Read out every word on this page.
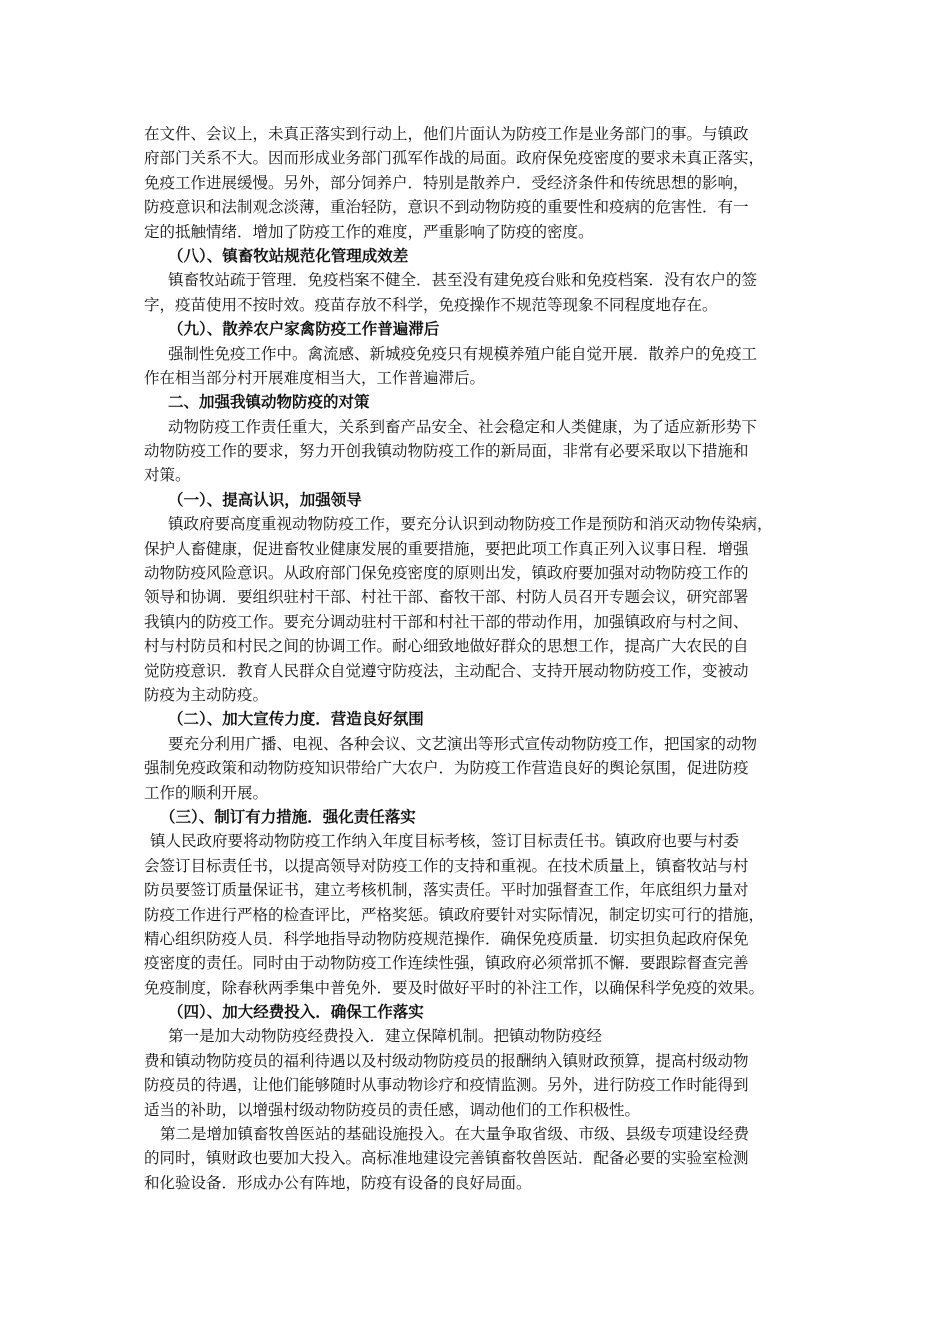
在文件、会议上，未真正落实到行动上，他们片面认为防疫工作是业务部门的事。与镇政
府部门关系不大。因而形成业务部门孤军作战的局面。政府保免疫密度的要求未真正落实，
免疫工作进展缓慢。另外，部分饲养户．特别是散养户．受经济条件和传统思想的影响，
防疫意识和法制观念淡薄，重治轻防，意识不到动物防疫的重要性和疫病的危害性．有一
定的抵触情绪．增加了防疫工作的难度，严重影响了防疫的密度。
（八）、镇畜牧站规范化管理成效差
镇畜牧站疏于管理．免疫档案不健全．甚至没有建免疫台账和免疫档案．没有农户的签
字，疫苗使用不按时效。疫苗存放不科学，免疫操作不规范等现象不同程度地存在。
（九）、散养农户家禽防疫工作普遍滞后
强制性免疫工作中。禽流感、新城疫免疫只有规模养殖户能自觉开展．散养户的免疫工
作在相当部分村开展难度相当大，工作普遍滞后。
二、加强我镇动物防疫的对策
动物防疫工作责任重大，关系到畜产品安全、社会稳定和人类健康，为了适应新形势下
动物防疫工作的要求，努力开创我镇动物防疫工作的新局面，非常有必要采取以下措施和
对策。
（一）、提高认识，加强领导
镇政府要高度重视动物防疫工作，要充分认识到动物防疫工作是预防和消灭动物传染病，
保护人畜健康，促进畜牧业健康发展的重要措施，要把此项工作真正列入议事日程．增强
动物防疫风险意识。从政府部门保免疫密度的原则出发，镇政府要加强对动物防疫工作的
领导和协调．要组织驻村干部、村社干部、畜牧干部、村防人员召开专题会议，研究部署
我镇内的防疫工作。要充分调动驻村干部和村社干部的带动作用，加强镇政府与村之间、
村与村防员和村民之间的协调工作。耐心细致地做好群众的思想工作，提高广大农民的自
觉防疫意识．教育人民群众自觉遵守防疫法，主动配合、支持开展动物防疫工作，变被动
防疫为主动防疫。
（二）、加大宣传力度．营造良好氛围
要充分利用广播、电视、各种会议、文艺演出等形式宣传动物防疫工作，把国家的动物
强制免疫政策和动物防疫知识带给广大农户．为防疫工作营造良好的舆论氛围，促进防疫
工作的顺利开展。
（三）、制订有力措施．强化责任落实
镇人民政府要将动物防疫工作纳入年度目标考核，签订目标责任书。镇政府也要与村委
会签订目标责任书，以提高领导对防疫工作的支持和重视。在技术质量上，镇畜牧站与村
防员要签订质量保证书，建立考核机制，落实责任。平时加强督查工作，年底组织力量对
防疫工作进行严格的检查评比，严格奖惩。镇政府要针对实际情况，制定切实可行的措施，
精心组织防疫人员．科学地指导动物防疫规范操作．确保免疫质量．切实担负起政府保免
疫密度的责任。同时由于动物防疫工作连续性强，镇政府必须常抓不懈．要跟踪督查完善
免疫制度，除春秋两季集中普免外．要及时做好平时的补注工作，以确保科学免疫的效果。
（四）、加大经费投入．确保工作落实
第一是加大动物防疫经费投入．建立保障机制。把镇动物防疫经
费和镇动物防疫员的福利待遇以及村级动物防疫员的报酬纳入镇财政预算，提高村级动物
防疫员的待遇，让他们能够随时从事动物诊疗和疫情监测。另外，进行防疫工作时能得到
适当的补助，以增强村级动物防疫员的责任感，调动他们的工作积极性。
第二是增加镇畜牧兽医站的基础设施投入。在大量争取省级、市级、县级专项建设经费
的同时，镇财政也要加大投入。高标准地建设完善镇畜牧兽医站．配备必要的实验室检测
和化验设备．形成办公有阵地，防疫有设备的良好局面。
